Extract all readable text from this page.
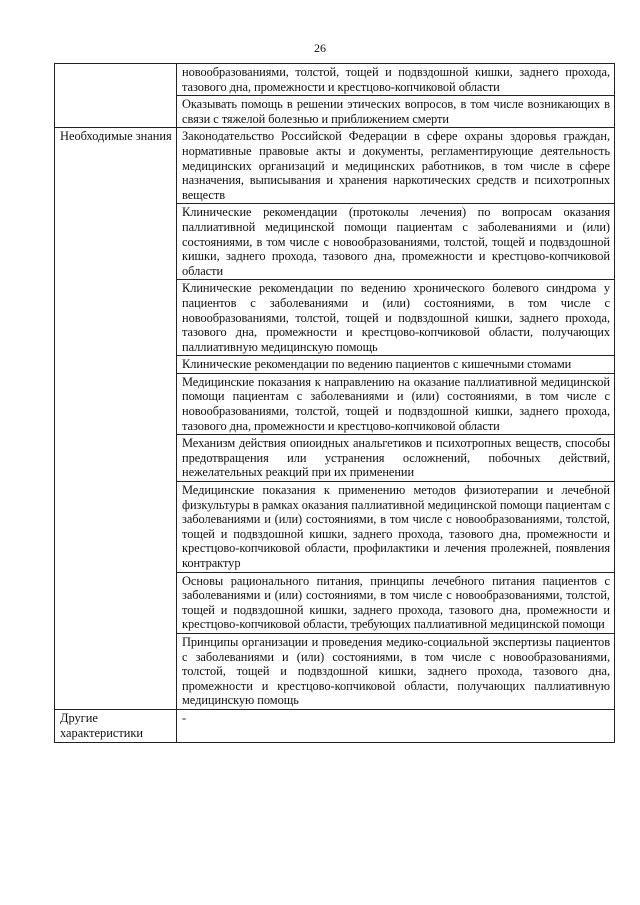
26
	новообразованиями, толстой, тощей и подвздошной кишки, заднего прохода, тазового дна, промежности и крестцово-копчиковой области
	Оказывать помощь в решении этических вопросов, в том числе возникающих в связи с тяжелой болезнью и приближением смерти
Необходимые знания	Законодательство Российской Федерации в сфере охраны здоровья граждан, нормативные правовые акты и документы, регламентирующие деятельность медицинских организаций и медицинских работников, в том числе в сфере назначения, выписывания и хранения наркотических средств и психотропных веществ
	Клинические рекомендации (протоколы лечения) по вопросам оказания паллиативной медицинской помощи пациентам с заболеваниями и (или) состояниями, в том числе с новообразованиями, толстой, тощей и подвздошной кишки, заднего прохода, тазового дна, промежности и крестцово-копчиковой области
	Клинические рекомендации по ведению хронического болевого синдрома у пациентов с заболеваниями и (или) состояниями, в том числе с новообразованиями, толстой, тощей и подвздошной кишки, заднего прохода, тазового дна, промежности и крестцово-копчиковой области, получающих паллиативную медицинскую помощь
	Клинические рекомендации по ведению пациентов с кишечными стомами
	Медицинские показания к направлению на оказание паллиативной медицинской помощи пациентам с заболеваниями и (или) состояниями, в том числе с новообразованиями, толстой, тощей и подвздошной кишки, заднего прохода, тазового дна, промежности и крестцово-копчиковой области
	Механизм действия опиоидных анальгетиков и психотропных веществ, способы предотвращения или устранения осложнений, побочных действий, нежелательных реакций при их применении
	Медицинские показания к применению методов физиотерапии и лечебной физкультуры в рамках оказания паллиативной медицинской помощи пациентам с заболеваниями и (или) состояниями, в том числе с новообразованиями, толстой, тощей и подвздошной кишки, заднего прохода, тазового дна, промежности и крестцово-копчиковой области, профилактики и лечения пролежней, появления контрактур
	Основы рационального питания, принципы лечебного питания пациентов с заболеваниями и (или) состояниями, в том числе с новообразованиями, толстой, тощей и подвздошной кишки, заднего прохода, тазового дна, промежности и крестцово-копчиковой области, требующих паллиативной медицинской помощи
	Принципы организации и проведения медико-социальной экспертизы пациентов с заболеваниями и (или) состояниями, в том числе с новообразованиями, толстой, тощей и подвздошной кишки, заднего прохода, тазового дна, промежности и крестцово-копчиковой области, получающих паллиативную медицинскую помощь
Другие характеристики	-
